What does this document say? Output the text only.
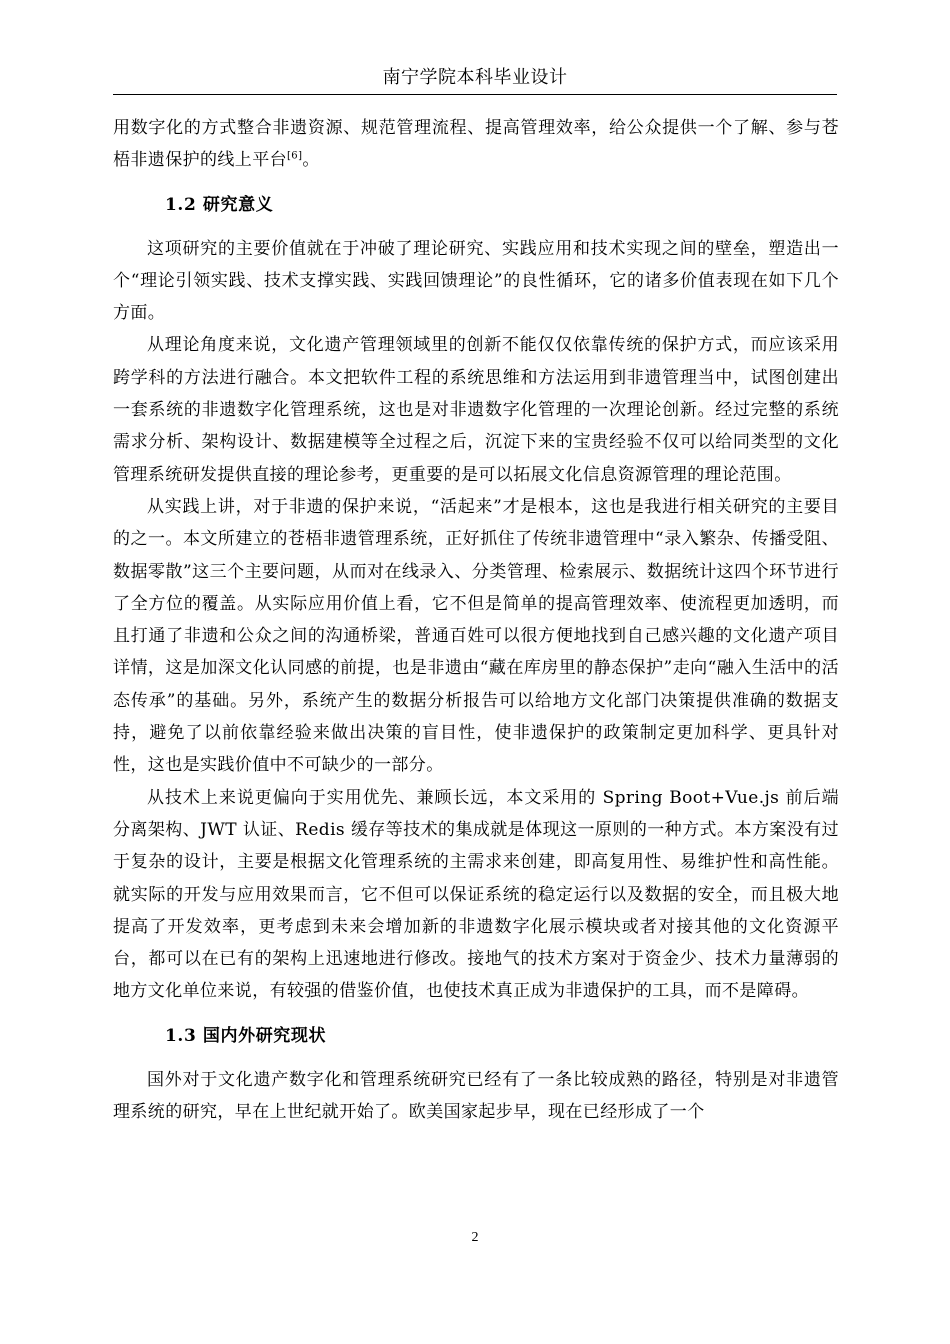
南宁学院本科毕业设计

用数字化的方式整合非遗资源、规范管理流程、提高管理效率，给公众提供一个了解、参与苍梧非遗保护的线上平台[6]。

1.2 研究意义

这项研究的主要价值就在于冲破了理论研究、实践应用和技术实现之间的壁垒，塑造出一个“理论引领实践、技术支撑实践、实践回馈理论”的良性循环，它的诸多价值表现在如下几个方面。

从理论角度来说，文化遗产管理领域里的创新不能仅仅依靠传统的保护方式，而应该采用跨学科的方法进行融合。本文把软件工程的系统思维和方法运用到非遗管理当中，试图创建出一套系统的非遗数字化管理系统，这也是对非遗数字化管理的一次理论创新。经过完整的系统需求分析、架构设计、数据建模等全过程之后，沉淀下来的宝贵经验不仅可以给同类型的文化管理系统研发提供直接的理论参考，更重要的是可以拓展文化信息资源管理的理论范围。

从实践上讲，对于非遗的保护来说，“活起来”才是根本，这也是我进行相关研究的主要目的之一。本文所建立的苍梧非遗管理系统，正好抓住了传统非遗管理中“录入繁杂、传播受阻、数据零散”这三个主要问题，从而对在线录入、分类管理、检索展示、数据统计这四个环节进行了全方位的覆盖。从实际应用价值上看，它不但是简单的提高管理效率、使流程更加透明，而且打通了非遗和公众之间的沟通桥梁，普通百姓可以很方便地找到自己感兴趣的文化遗产项目详情，这是加深文化认同感的前提，也是非遗由“藏在库房里的静态保护”走向“融入生活中的活态传承”的基础。另外，系统产生的数据分析报告可以给地方文化部门决策提供准确的数据支持，避免了以前依靠经验来做出决策的盲目性，使非遗保护的政策制定更加科学、更具针对性，这也是实践价值中不可缺少的一部分。

从技术上来说更偏向于实用优先、兼顾长远，本文采用的 Spring Boot+Vue.js 前后端分离架构、JWT 认证、Redis 缓存等技术的集成就是体现这一原则的一种方式。本方案没有过于复杂的设计，主要是根据文化管理系统的主需求来创建，即高复用性、易维护性和高性能。就实际的开发与应用效果而言，它不但可以保证系统的稳定运行以及数据的安全，而且极大地提高了开发效率，更考虑到未来会增加新的非遗数字化展示模块或者对接其他的文化资源平台，都可以在已有的架构上迅速地进行修改。接地气的技术方案对于资金少、技术力量薄弱的地方文化单位来说，有较强的借鉴价值，也使技术真正成为非遗保护的工具，而不是障碍。

1.3 国内外研究现状

国外对于文化遗产数字化和管理系统研究已经有了一条比较成熟的路径，特别是对非遗管理系统的研究，早在上世纪就开始了。欧美国家起步早，现在已经形成了一个

2
